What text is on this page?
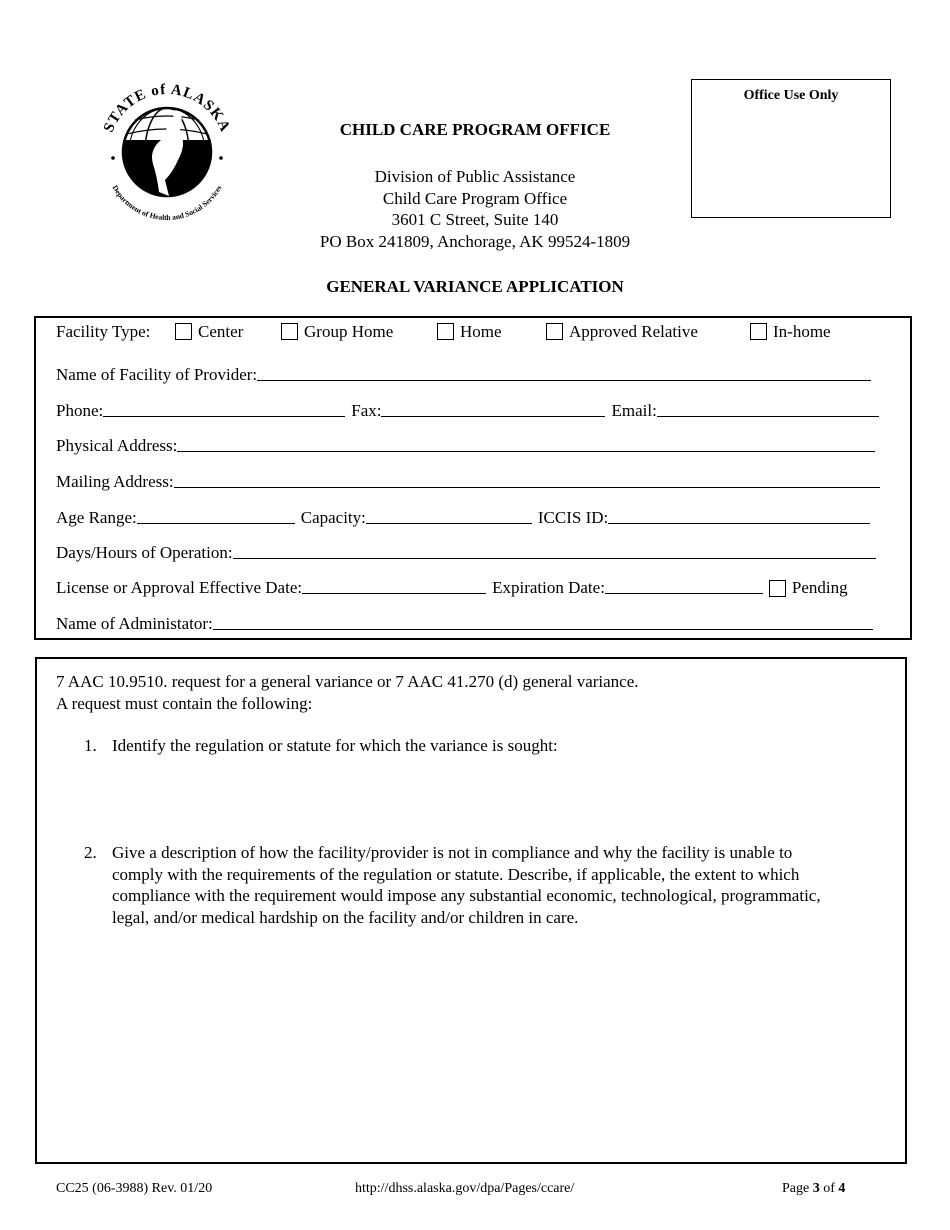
STATE of ALASKA
Department of Health and Social Services
CHILD CARE PROGRAM OFFICE
Division of Public Assistance
Child Care Program Office
3601 C Street, Suite 140
PO Box 241809, Anchorage, AK 99524-1809
Office Use Only
GENERAL VARIANCE APPLICATION
Facility Type:	Center	Group Home	Home	Approved Relative	In-home
Name of Facility of Provider:
Phone:	Fax:	Email:
Physical Address:
Mailing Address:
Age Range:	Capacity:	ICCIS ID:
Days/Hours of Operation:
License or Approval Effective Date:	Expiration Date:	Pending
Name of Administator:
7 AAC 10.9510. request for a general variance or 7 AAC 41.270 (d) general variance.
A request must contain the following:
1. Identify the regulation or statute for which the variance is sought:
2. Give a description of how the facility/provider is not in compliance and why the facility is unable to
comply with the requirements of the regulation or statute. Describe, if applicable, the extent to which
compliance with the requirement would impose any substantial economic, technological, programmatic,
legal, and/or medical hardship on the facility and/or children in care.
CC25 (06-3988) Rev. 01/20	http://dhss.alaska.gov/dpa/Pages/ccare/	Page 3 of 4
